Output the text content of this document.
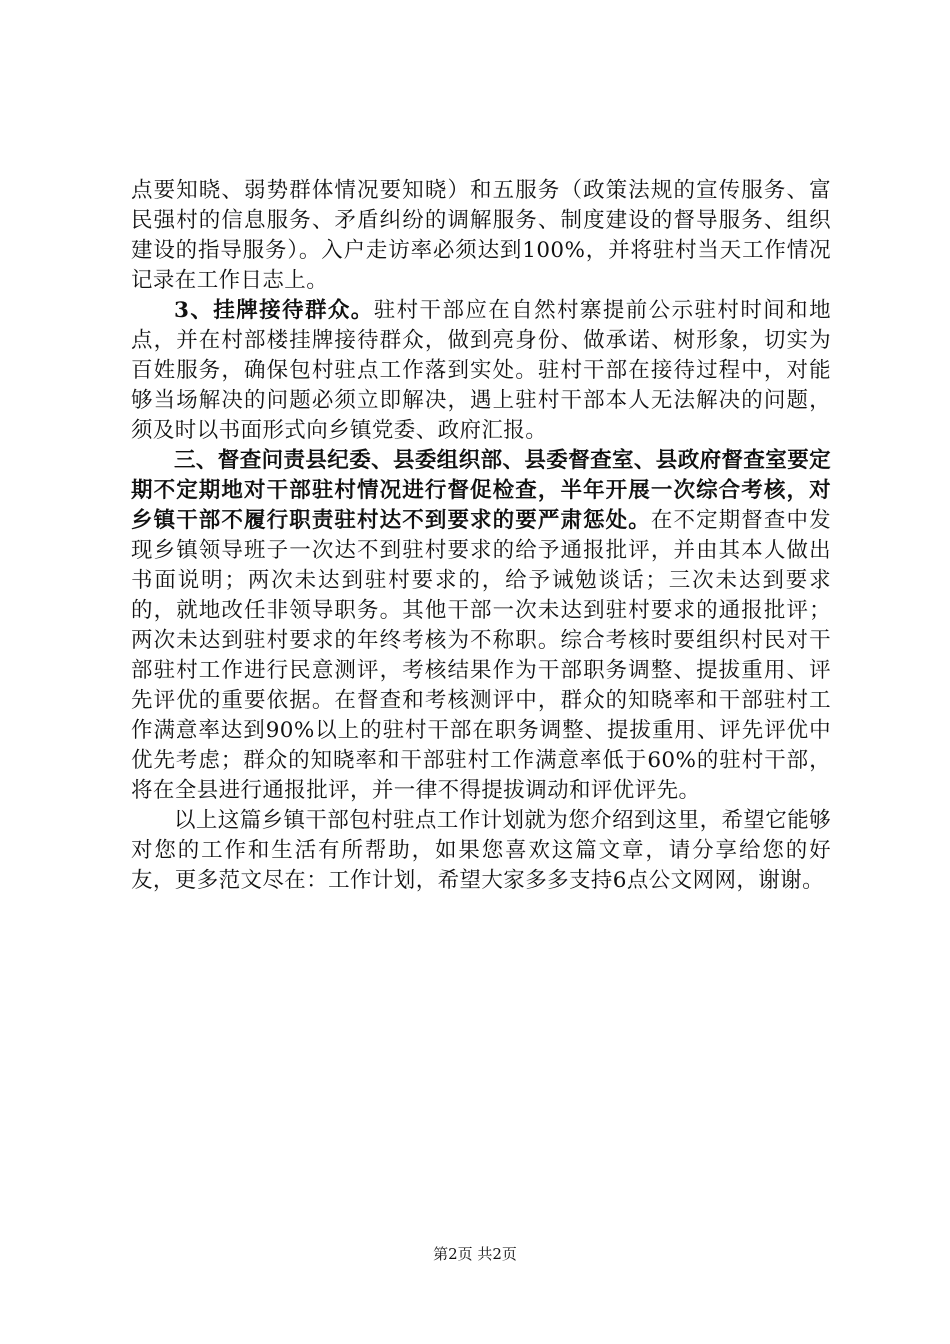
点要知晓、弱势群体情况要知晓）和五服务（政策法规的宣传服务、富民强村的信息服务、矛盾纠纷的调解服务、制度建设的督导服务、组织建设的指导服务）。入户走访率必须达到100%，并将驻村当天工作情况记录在工作日志上。

3、挂牌接待群众。驻村干部应在自然村寨提前公示驻村时间和地点，并在村部楼挂牌接待群众，做到亮身份、做承诺、树形象，切实为百姓服务，确保包村驻点工作落到实处。驻村干部在接待过程中，对能够当场解决的问题必须立即解决，遇上驻村干部本人无法解决的问题，须及时以书面形式向乡镇党委、政府汇报。

三、督查问责县纪委、县委组织部、县委督查室、县政府督查室要定期不定期地对干部驻村情况进行督促检查，半年开展一次综合考核，对乡镇干部不履行职责驻村达不到要求的要严肃惩处。在不定期督查中发现乡镇领导班子一次达不到驻村要求的给予通报批评，并由其本人做出书面说明；两次未达到驻村要求的，给予诫勉谈话；三次未达到要求的，就地改任非领导职务。其他干部一次未达到驻村要求的通报批评；两次未达到驻村要求的年终考核为不称职。综合考核时要组织村民对干部驻村工作进行民意测评，考核结果作为干部职务调整、提拔重用、评先评优的重要依据。在督查和考核测评中，群众的知晓率和干部驻村工作满意率达到90%以上的驻村干部在职务调整、提拔重用、评先评优中优先考虑；群众的知晓率和干部驻村工作满意率低于60%的驻村干部，将在全县进行通报批评，并一律不得提拔调动和评优评先。

以上这篇乡镇干部包村驻点工作计划就为您介绍到这里，希望它能够对您的工作和生活有所帮助，如果您喜欢这篇文章，请分享给您的好友，更多范文尽在：工作计划，希望大家多多支持6点公文网网，谢谢。

第2页 共2页
